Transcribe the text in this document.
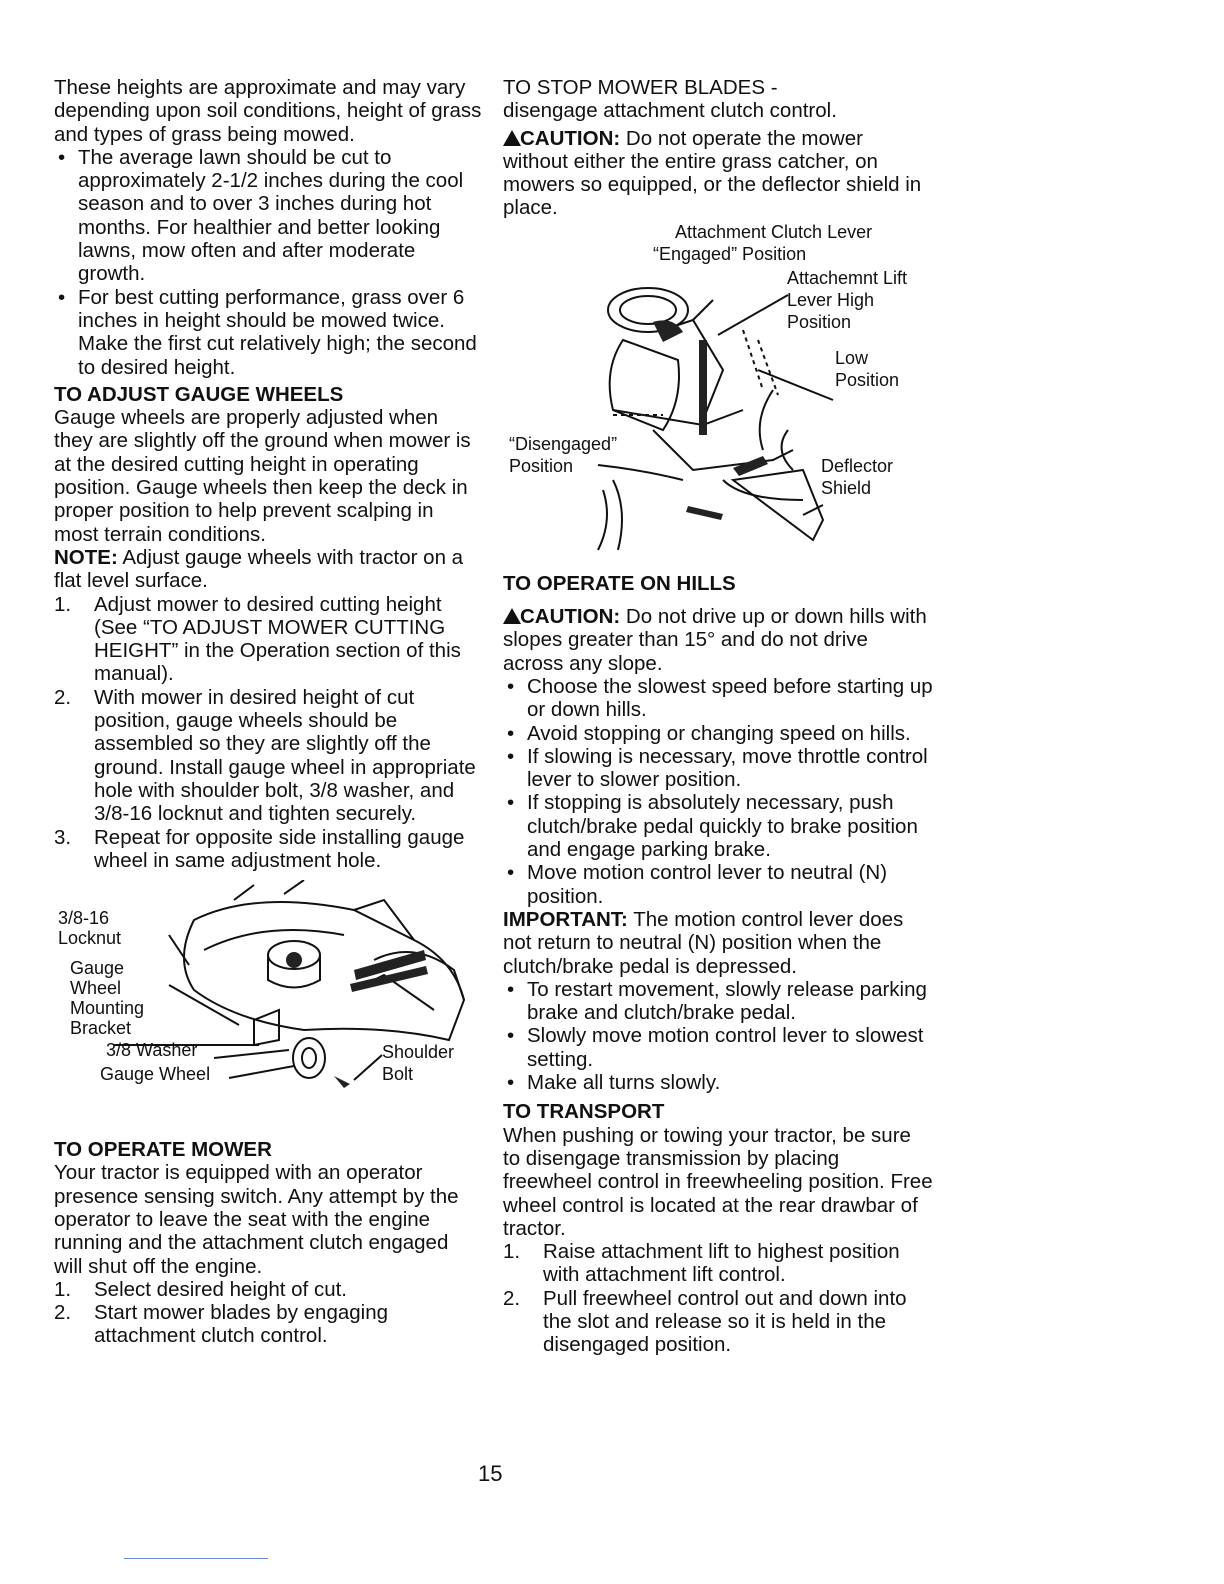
These heights are approximate and may vary depending upon soil conditions, height of grass and types of grass being mowed.

• The average lawn should be cut to approximately 2-1/2 inches during the cool season and to over 3 inches during hot months. For healthier and better looking lawns, mow often and after moderate growth.
• For best cutting performance, grass over 6 inches in height should be mowed twice. Make the first cut relatively high; the second to desired height.

TO ADJUST GAUGE WHEELS

Gauge wheels are properly adjusted when they are slightly off the ground when mower is at the desired cutting height in operating position. Gauge wheels then keep the deck in proper position to help prevent scalping in most terrain conditions.

NOTE: Adjust gauge wheels with tractor on a flat level surface.

1. Adjust mower to desired cutting height (See “TO ADJUST MOWER CUTTING HEIGHT” in the Operation section of this manual).
2. With mower in desired height of cut position, gauge wheels should be assembled so they are slightly off the ground. Install gauge wheel in appropriate hole with shoulder bolt, 3/8 washer, and 3/8-16 locknut and tighten securely.
3. Repeat for opposite side installing gauge wheel in same adjustment hole.
3/8-16
Locknut
Gauge
Wheel
Mounting
Bracket
3/8 Washer
Gauge Wheel
Shoulder
Bolt

TO OPERATE MOWER

Your tractor is equipped with an operator presence sensing switch. Any attempt by the operator to leave the seat with the engine running and the attachment clutch engaged will shut off the engine.

1. Select desired height of cut.
2. Start mower blades by engaging attachment clutch control.

TO STOP MOWER BLADES -

disengage attachment clutch control.

CAUTION: Do not operate the mower without either the entire grass catcher, on mowers so equipped, or the deflector shield in place.

Attachment Clutch Lever
“Engaged” Position
Attachemnt Lift
Lever High
Position
Low
Position
“Disengaged”
Position	Deflector
Shield

TO OPERATE ON HILLS

CAUTION: Do not drive up or down hills with slopes greater than 15° and do not drive across any slope.

• Choose the slowest speed before starting up or down hills.
• Avoid stopping or changing speed on hills.
• If slowing is necessary, move throttle control lever to slower position.
• If stopping is absolutely necessary, push clutch/brake pedal quickly to brake position and engage parking brake.
• Move motion control lever to neutral (N) position.

IMPORTANT: The motion control lever does not return to neutral (N) position when the clutch/brake pedal is depressed.

• To restart movement, slowly release parking brake and clutch/brake pedal.
• Slowly move motion control lever to slowest setting.
• Make all turns slowly.

TO TRANSPORT

When pushing or towing your tractor, be sure to disengage transmission by placing freewheel control in freewheeling position. Free wheel control is located at the rear drawbar of tractor.

1. Raise attachment lift to highest position with attachment lift control.
2. Pull freewheel control out and down into the slot and release so it is held in the disengaged position.
15
